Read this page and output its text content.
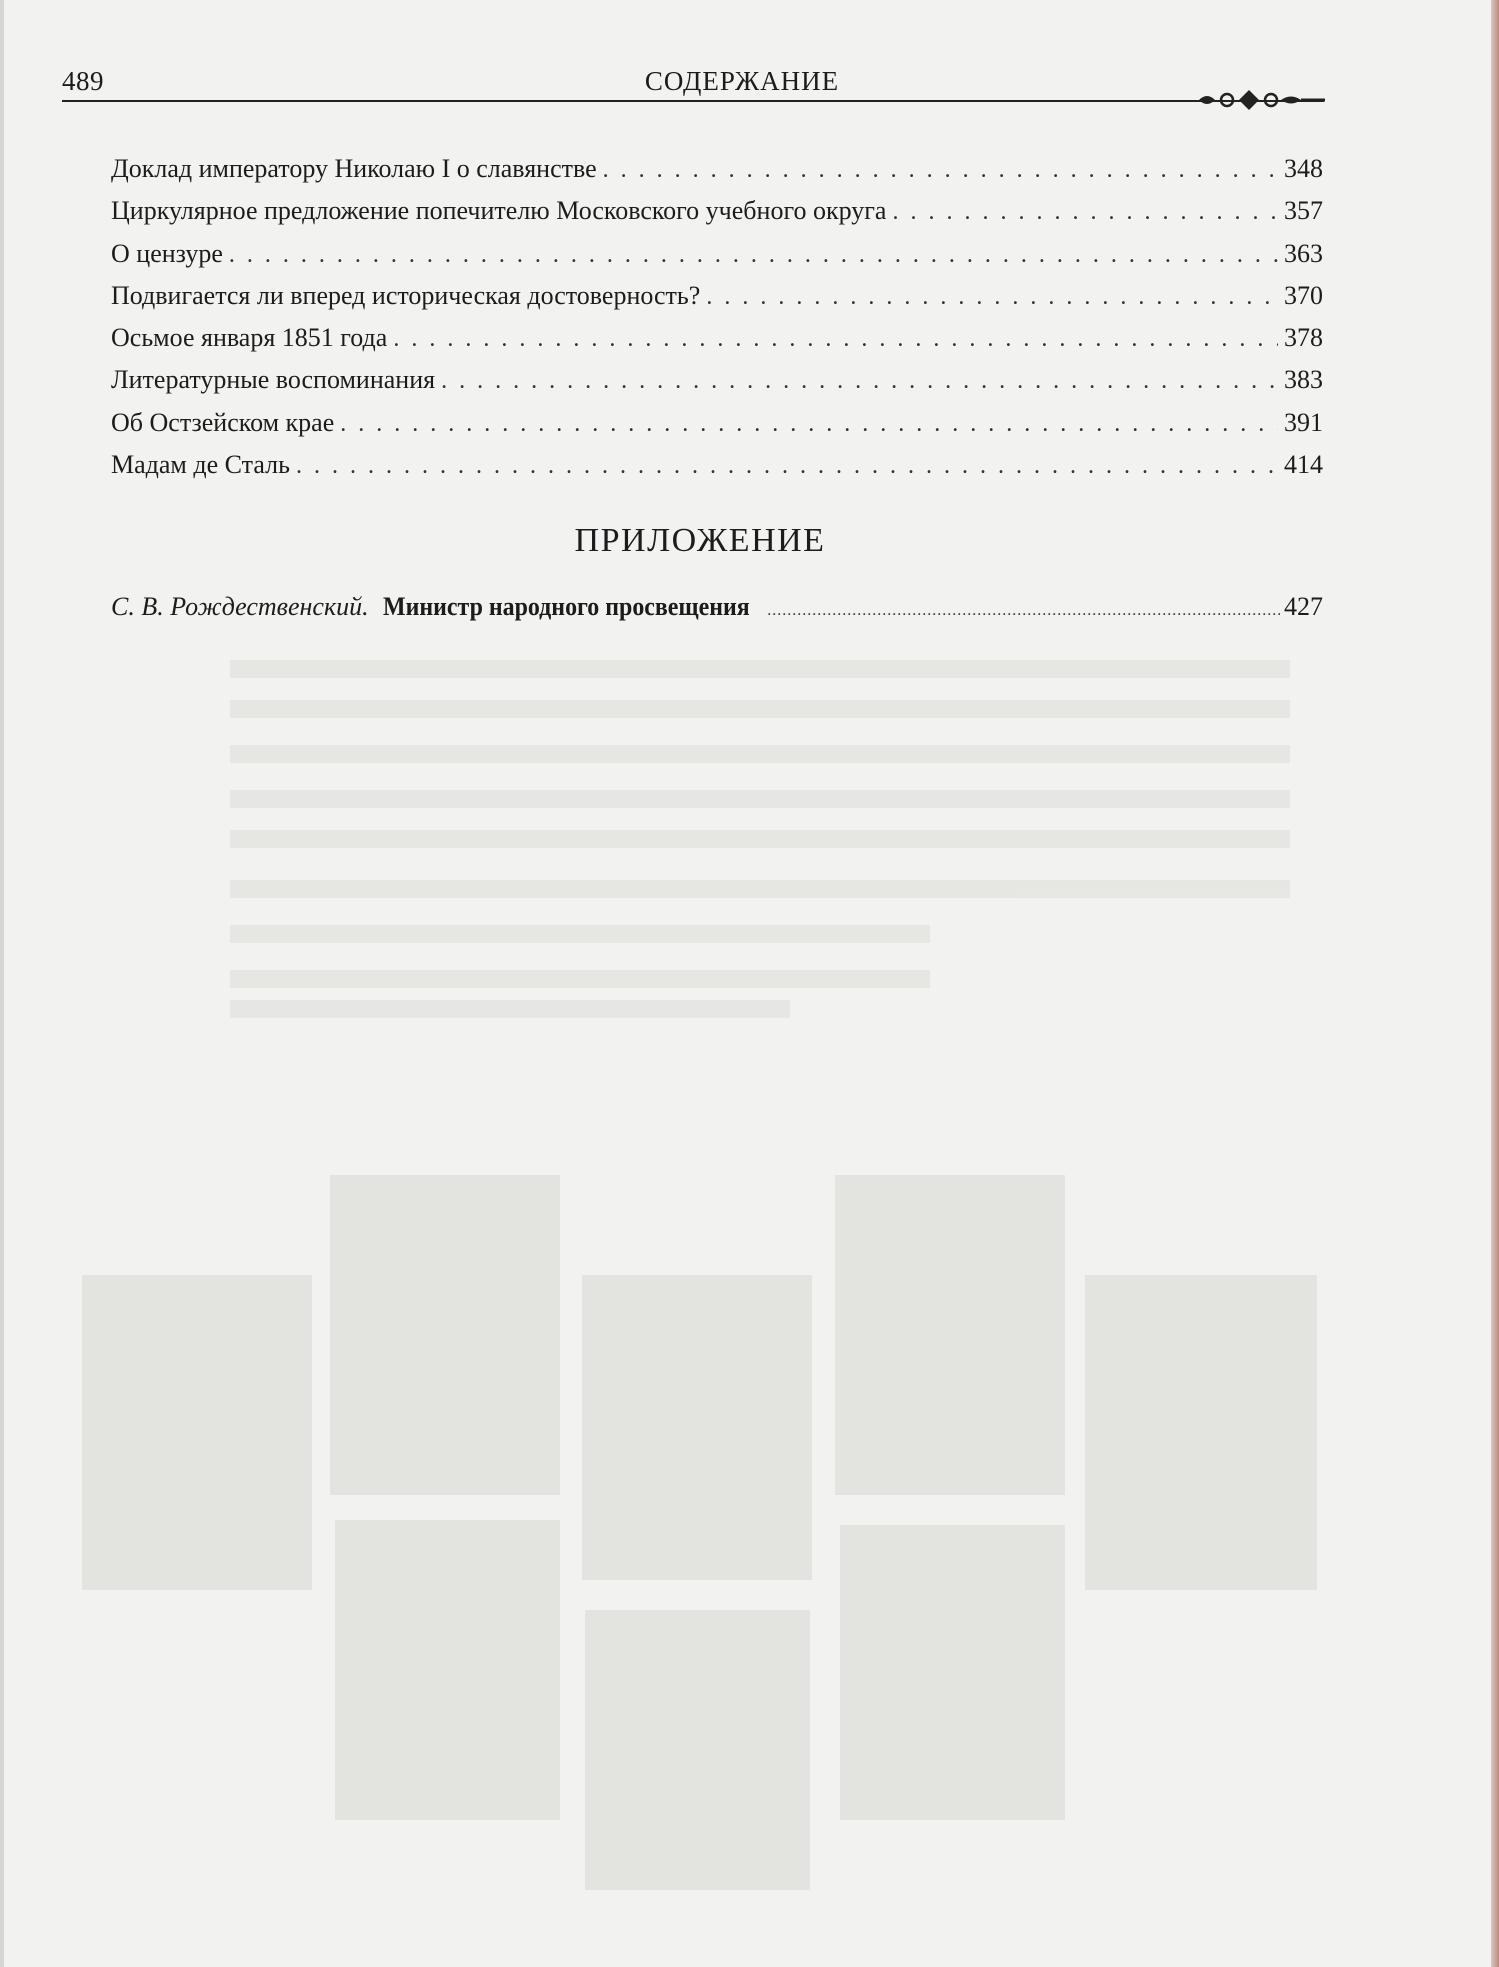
489	СОДЕРЖАНИЕ
Доклад императору Николаю I о славянстве . . .	348
Циркулярное предложение попечителю Московского учебного округа . . .	357
О цензуре . . .	363
Подвигается ли вперед историческая достоверность? . . .	370
Осьмое января 1851 года . . .	378
Литературные воспоминания . . .	383
Об Остзейском крае . . .	391
Мадам де Сталь . . .	414
ПРИЛОЖЕНИЕ
С. В. Рождественский. Министр народного просвещения .....	427
